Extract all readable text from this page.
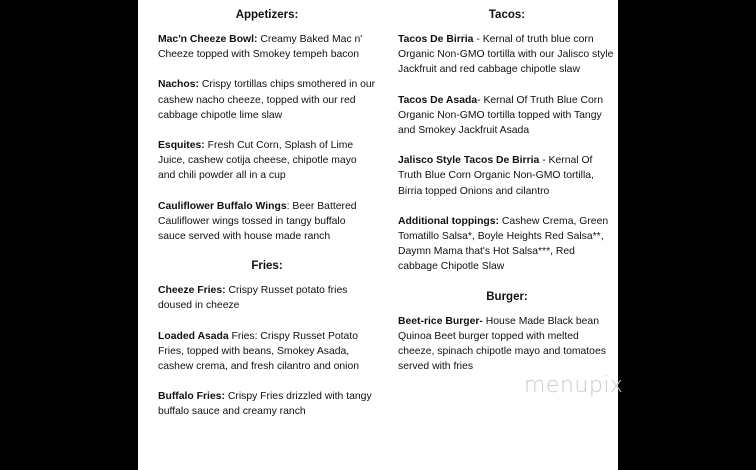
Appetizers:
Mac'n Cheeze Bowl: Creamy Baked Mac n' Cheeze topped with Smokey tempeh bacon
Nachos: Crispy tortillas chips smothered in our cashew nacho cheeze, topped with our red cabbage chipotle lime slaw
Esquites: Fresh Cut Corn, Splash of Lime Juice, cashew cotija cheese, chipotle mayo and chili powder all in a cup
Cauliflower Buffalo Wings: Beer Battered Cauliflower wings tossed in tangy buffalo sauce served with house made ranch
Fries:
Cheeze Fries: Crispy Russet potato fries doused in cheeze
Loaded Asada Fries: Crispy Russet Potato Fries, topped with beans, Smokey Asada, cashew crema, and fresh cilantro and onion
Buffalo Fries: Crispy Fries drizzled with tangy buffalo sauce and creamy ranch
Tacos:
Tacos De Birria - Kernal of truth blue corn Organic Non-GMO tortilla with our Jalisco style Jackfruit and red cabbage chipotle slaw
Tacos De Asada- Kernal Of Truth Blue Corn Organic Non-GMO tortilla topped with Tangy and Smokey Jackfruit Asada
Jalisco Style Tacos De Birria - Kernal Of Truth Blue Corn Organic Non-GMO tortilla, Birria topped Onions and cilantro
Additional toppings: Cashew Crema, Green Tomatillo Salsa*, Boyle Heights Red Salsa**, Daymn Mama that's Hot Salsa***, Red cabbage Chipotle Slaw
Burger:
Beet-rice Burger- House Made Black bean Quinoa Beet burger topped with melted cheeze, spinach chipotle mayo and tomatoes served with fries
menupix
